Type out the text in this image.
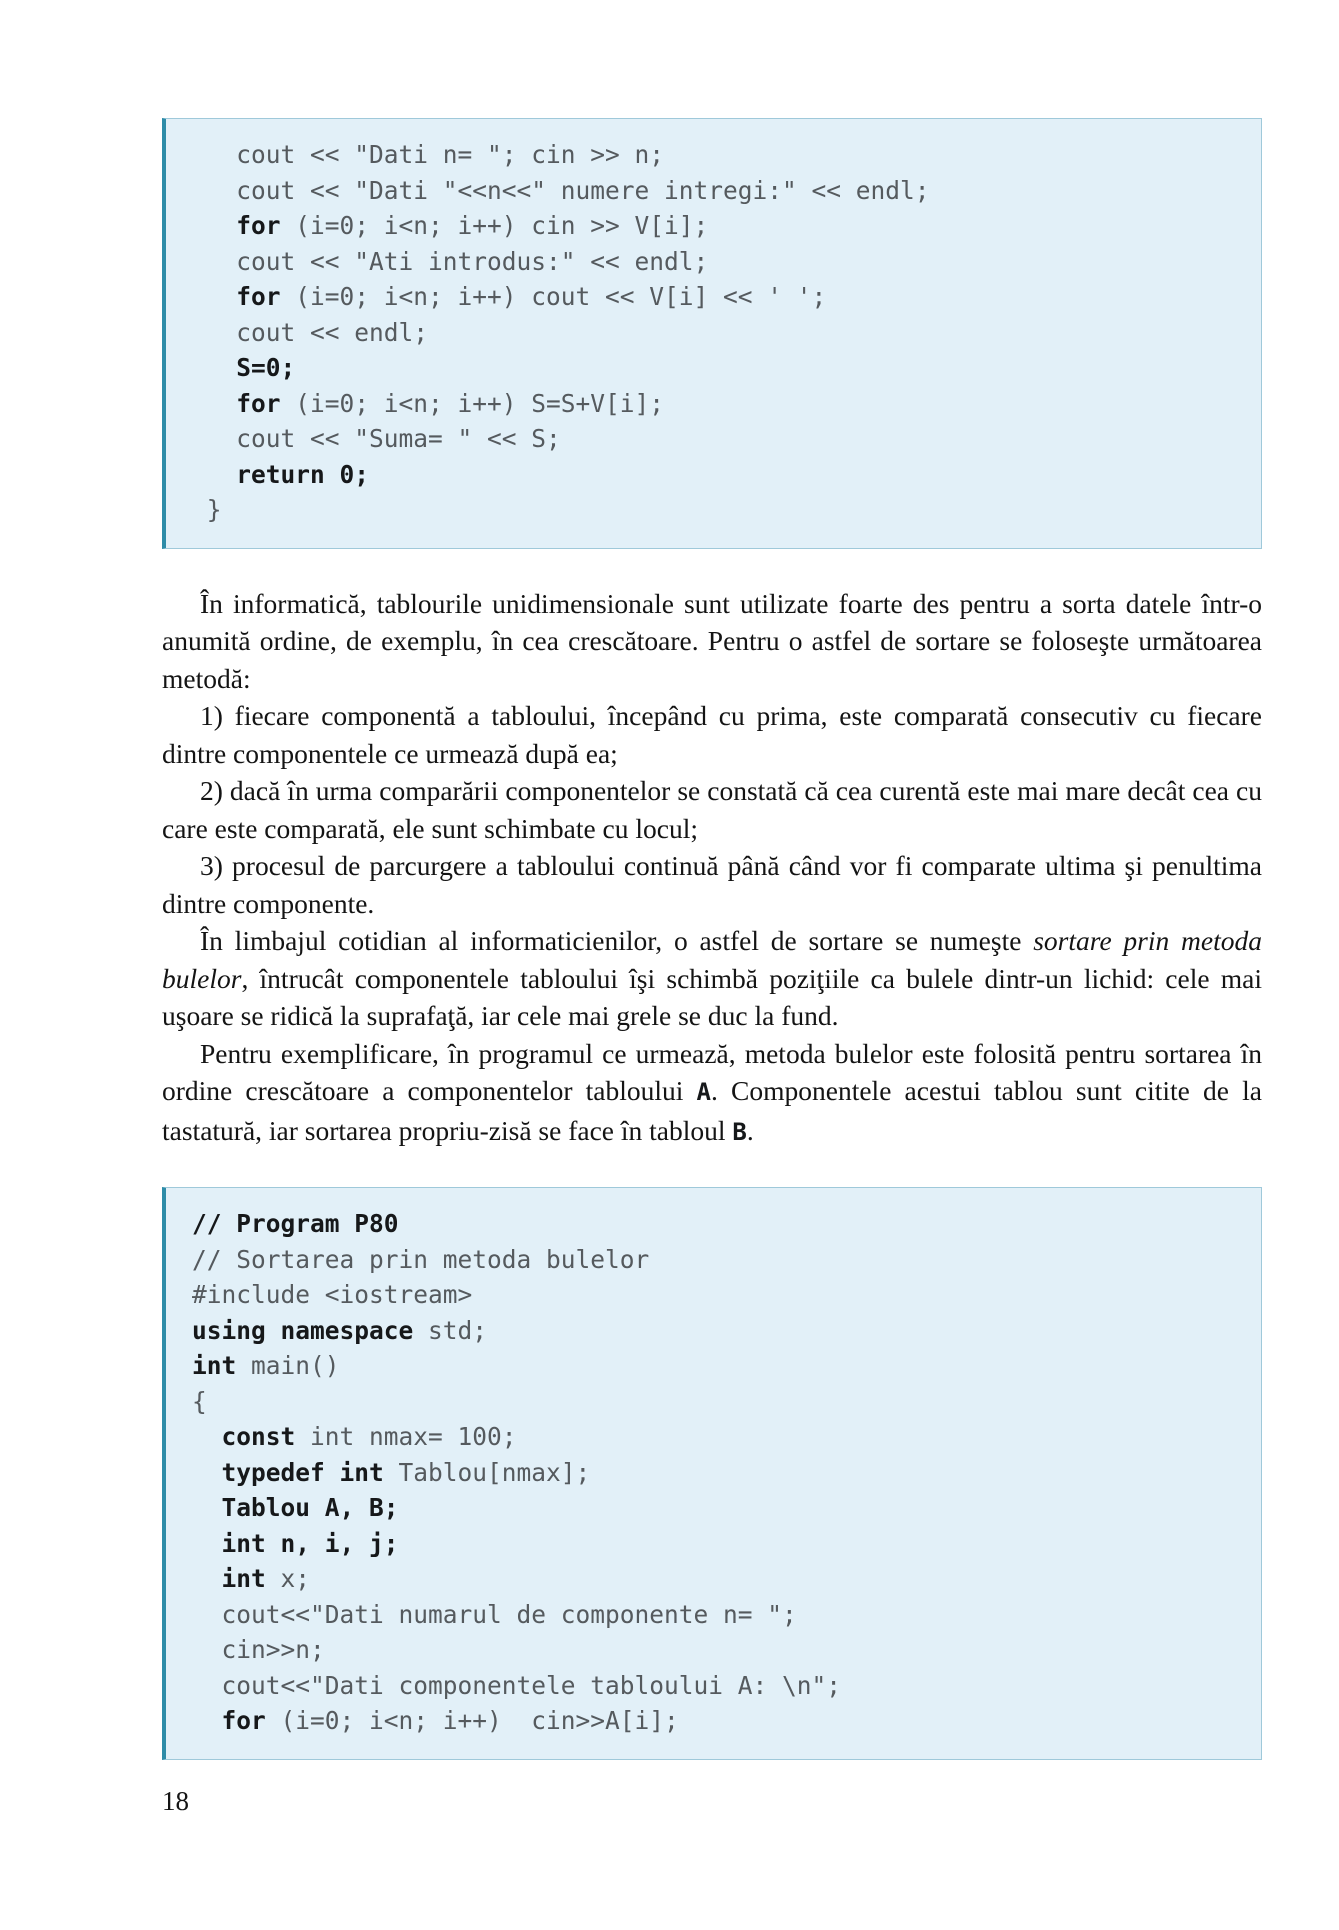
cout << "Dati n= "; cin >> n;

cout << "Dati "<<n<<" numere intregi:" << endl;

for (i=0; i<n; i++) cin >> V[i];

cout << "Ati introdus:" << endl;

for (i=0; i<n; i++) cout << V[i] << ' ';

cout << endl;

S=0;

for (i=0; i<n; i++) S=S+V[i];

cout << "Suma= " << S;

return 0;

}

În informatică, tablourile unidimensionale sunt utilizate foarte des pentru a sorta datele într-o anumită ordine, de exemplu, în cea crescătoare. Pentru o astfel de sortare se foloseşte următoarea metodă:

1) fiecare componentă a tabloului, începând cu prima, este comparată consecutiv cu fiecare dintre componentele ce urmează după ea;

2) dacă în urma comparării componentelor se constată că cea curentă este mai mare decât cea cu care este comparată, ele sunt schimbate cu locul;

3) procesul de parcurgere a tabloului continuă până când vor fi comparate ultima şi penultima dintre componente.

În limbajul cotidian al informaticienilor, o astfel de sortare se numeşte sortare prin metoda bulelor, întrucât componentele tabloului îşi schimbă poziţiile ca bulele dintr-un lichid: cele mai uşoare se ridică la suprafaţă, iar cele mai grele se duc la fund.

Pentru exemplificare, în programul ce urmează, metoda bulelor este folosită pentru sortarea în ordine crescătoare a componentelor tabloului A. Componentele acestui tablou sunt citite de la tastatură, iar sortarea propriu-zisă se face în tabloul B.

// Program P80

// Sortarea prin metoda bulelor

#include <iostream>

using namespace std;

int main()

{

const int nmax= 100;

typedef int Tablou[nmax];

Tablou A, B;

int n, i, j;

int x;

cout<<"Dati numarul de componente n= ";

cin>>n;

cout<<"Dati componentele tabloului A: \n";

for (i=0; i<n; i++)  cin>>A[i];

18
